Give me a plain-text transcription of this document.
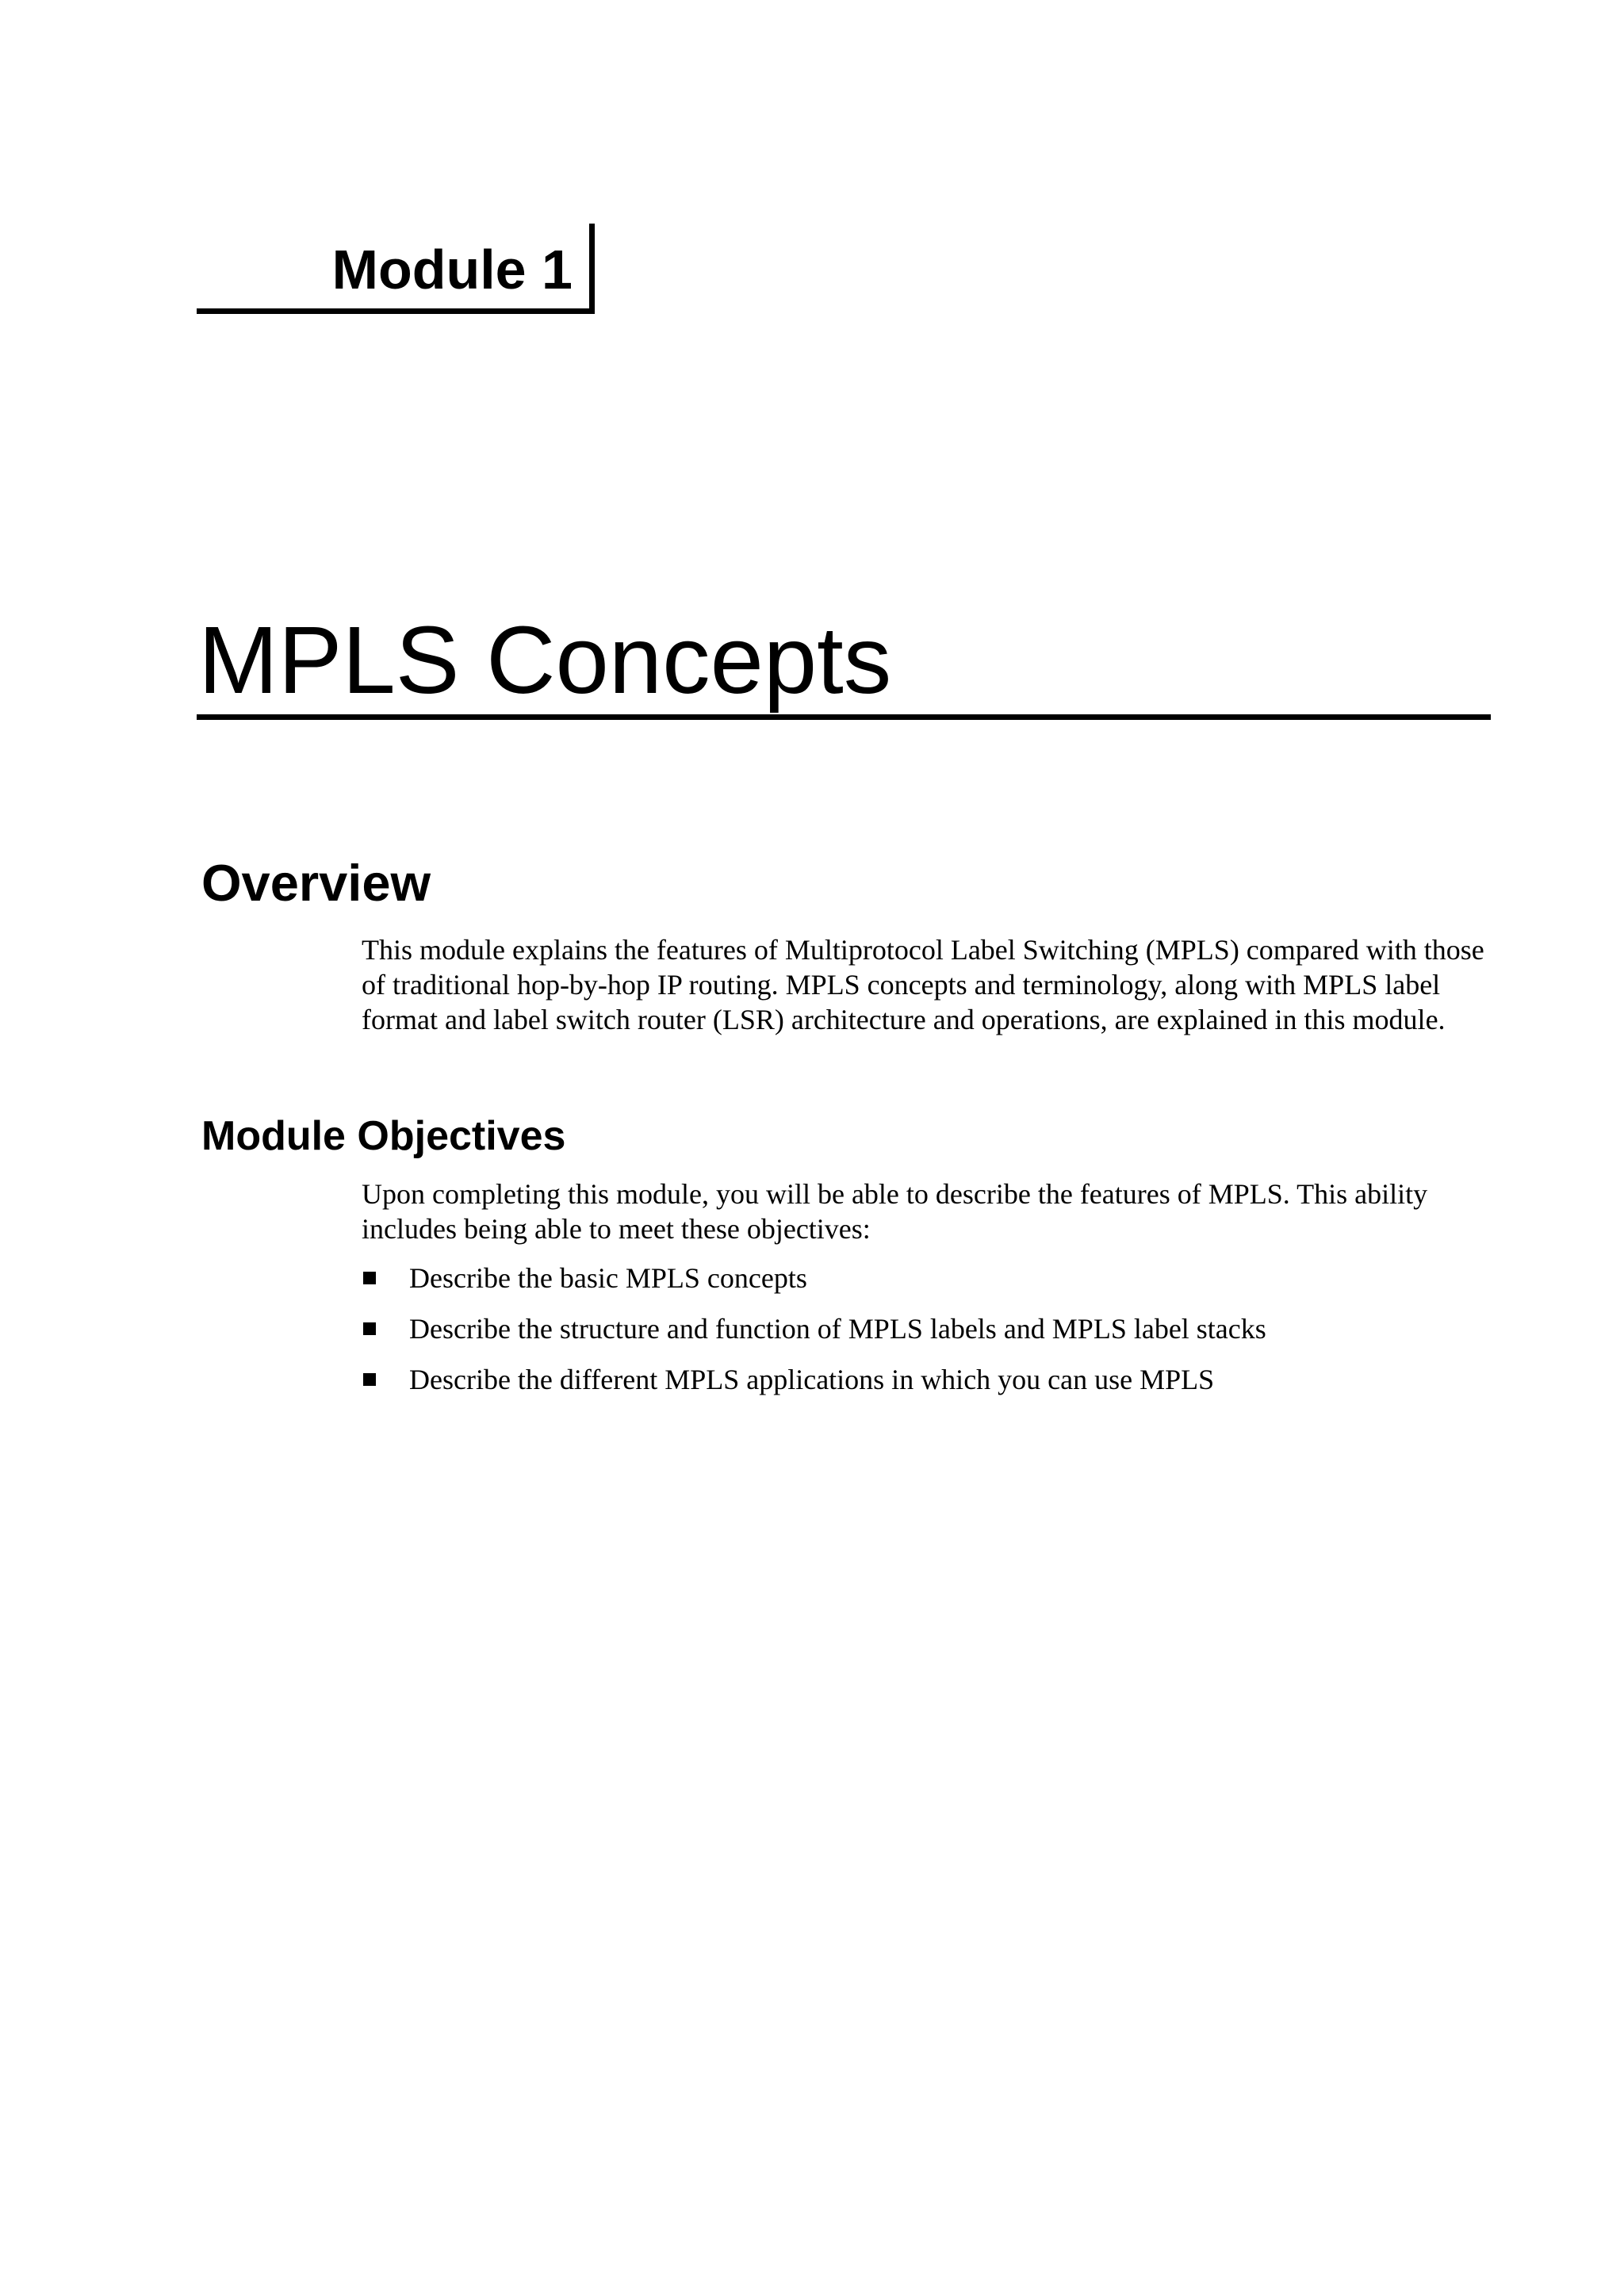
Module 1
MPLS Concepts
Overview

This module explains the features of Multiprotocol Label Switching (MPLS) compared with those of traditional hop-by-hop IP routing. MPLS concepts and terminology, along with MPLS label format and label switch router (LSR) architecture and operations, are explained in this module.

Module Objectives

Upon completing this module, you will be able to describe the features of MPLS. This ability includes being able to meet these objectives:

Describe the basic MPLS concepts
Describe the structure and function of MPLS labels and MPLS label stacks
Describe the different MPLS applications in which you can use MPLS
